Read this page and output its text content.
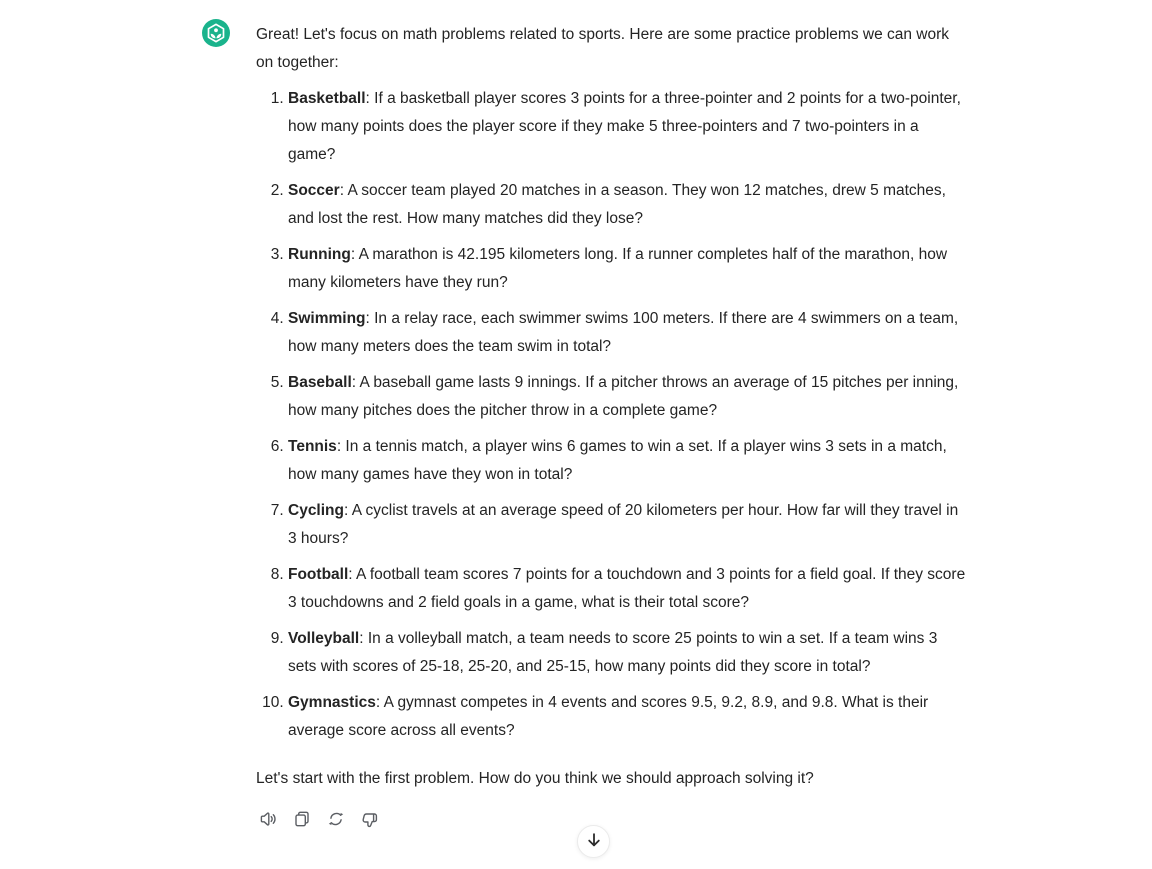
Great! Let's focus on math problems related to sports. Here are some practice problems we can work on together:

1. Basketball: If a basketball player scores 3 points for a three-pointer and 2 points for a two-pointer, how many points does the player score if they make 5 three-pointers and 7 two-pointers in a game?
2. Soccer: A soccer team played 20 matches in a season. They won 12 matches, drew 5 matches, and lost the rest. How many matches did they lose?
3. Running: A marathon is 42.195 kilometers long. If a runner completes half of the marathon, how many kilometers have they run?
4. Swimming: In a relay race, each swimmer swims 100 meters. If there are 4 swimmers on a team, how many meters does the team swim in total?
5. Baseball: A baseball game lasts 9 innings. If a pitcher throws an average of 15 pitches per inning, how many pitches does the pitcher throw in a complete game?
6. Tennis: In a tennis match, a player wins 6 games to win a set. If a player wins 3 sets in a match, how many games have they won in total?
7. Cycling: A cyclist travels at an average speed of 20 kilometers per hour. How far will they travel in 3 hours?
8. Football: A football team scores 7 points for a touchdown and 3 points for a field goal. If they score 3 touchdowns and 2 field goals in a game, what is their total score?
9. Volleyball: In a volleyball match, a team needs to score 25 points to win a set. If a team wins 3 sets with scores of 25-18, 25-20, and 25-15, how many points did they score in total?
10. Gymnastics: A gymnast competes in 4 events and scores 9.5, 9.2, 8.9, and 9.8. What is their average score across all events?

Let's start with the first problem. How do you think we should approach solving it?
